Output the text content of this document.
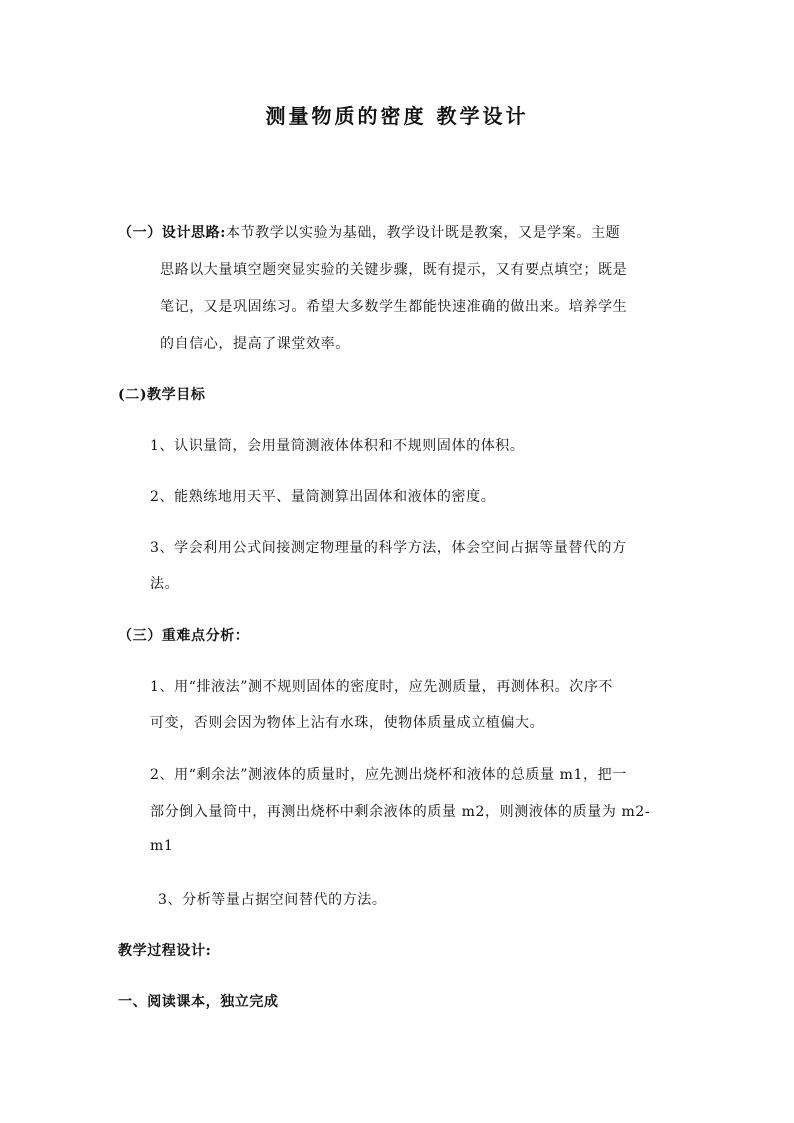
测量物质的密度 教学设计
（一）设计思路:本节教学以实验为基础，教学设计既是教案，又是学案。主题
思路以大量填空题突显实验的关键步骤，既有提示，又有要点填空；既是
笔记，又是巩固练习。希望大多数学生都能快速准确的做出来。培养学生
的自信心，提高了课堂效率。
(二)教学目标
1、认识量筒，会用量筒测液体体积和不规则固体的体积。
2、能熟练地用天平、量筒测算出固体和液体的密度。
3、学会利用公式间接测定物理量的科学方法，体会空间占据等量替代的方
法。
（三）重难点分析：
1、用“排液法”测不规则固体的密度时，应先测质量，再测体积。次序不
可变，否则会因为物体上沾有水珠，使物体质量成立植偏大。
2、用“剩余法”测液体的质量时，应先测出烧杯和液体的总质量 m1，把一
部分倒入量筒中，再测出烧杯中剩余液体的质量 m2，则测液体的质量为 m2-
m1
3、分析等量占据空间替代的方法。
教学过程设计:
一、阅读课本，独立完成
